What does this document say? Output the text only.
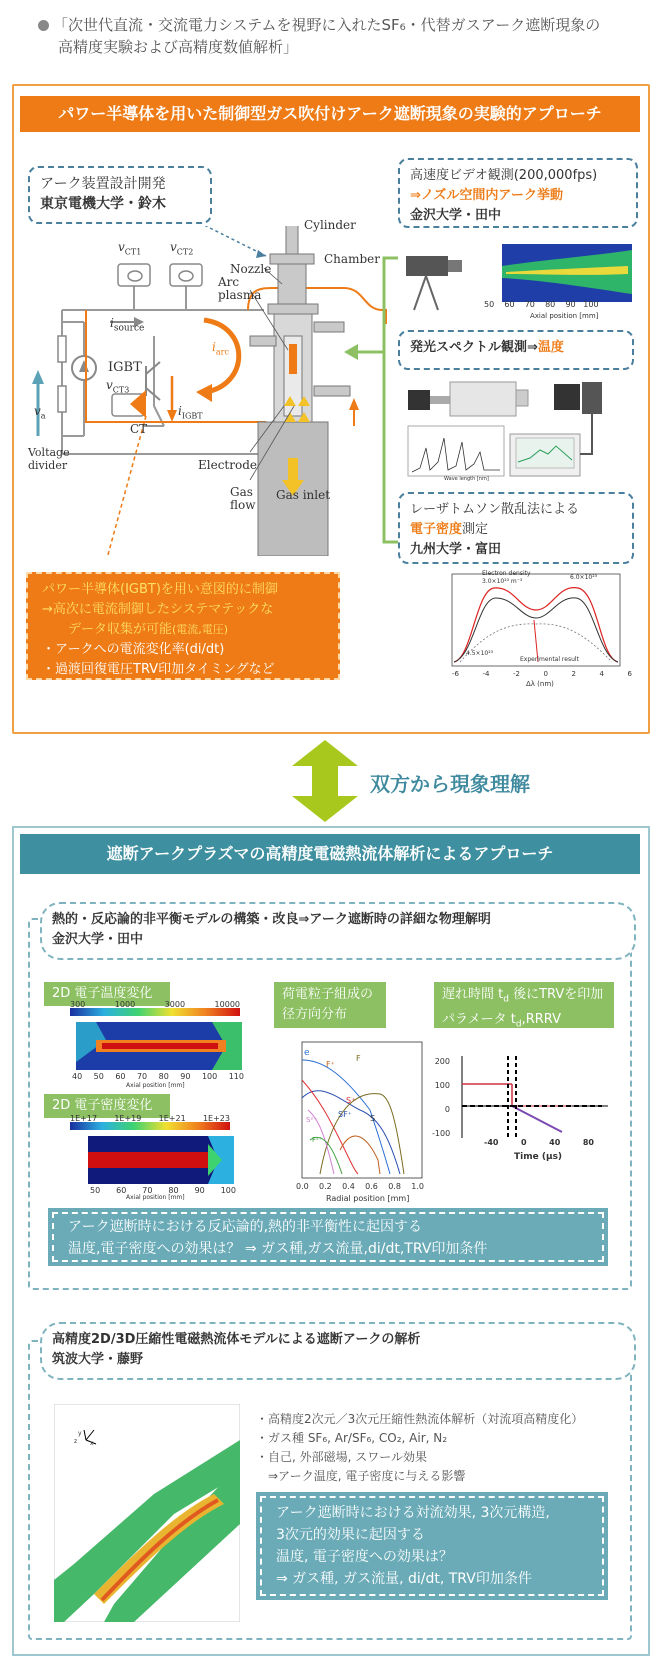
「次世代直流・交流電力システムを視野に入れたSF₆・代替ガスアーク遮断現象の
高精度実験および高精度数値解析」
パワー半導体を用いた制御型ガス吹付けアーク遮断現象の実験的アプローチ
アーク装置設計開発
東京電機大学・鈴木
$v_{CT1}$ $v_{CT2}$
$i_{source}$
IGBT
$v_{CT3}$
CT
$v_a$
Voltage
divider
$i_{arc}$
$i_{IGBT}$
Cylinder
Chamber
Nozzle
Arc
plasma
Electrode
Gas
flow
Gas inlet
高速度ビデオ観測(200,000fps)
⇒ノズル空間内アーク挙動
金沢大学・田中
50 60 70 80 90 100
Axial position [mm]
発光スペクトル観測⇒温度
Wave length [nm]
レーザトムソン散乱法による
電子密度測定
九州大学・富田
Electron density
3.0×10²³ m⁻³
6.0×10²³
4.5×10²³
Experimental result
-6	-4	-2	0	2	4	6
Δλ (nm)
パワー半導体(IGBT)を用い意図的に制御
→高次に電流制御したシステマテックな
データ収集が可能(電流,電圧)
・アークへの電流変化率(di/dt)
・過渡回復電圧TRV印加タイミングなど
双方から現象理解
遮断アークプラズマの高精度電磁熱流体解析によるアプローチ
熱的・反応論的非平衡モデルの構築・改良⇒アーク遮断時の詳細な物理解明
金沢大学・田中
2D 電子温度変化
2D 電子密度変化
荷電粒子組成の
径方向分布
遅れ時間 $t_d$ 後にTRVを印加
パラメータ $t_d,RRRV$
300	1000	3000	10000
40 50 60 70 80 90 100 110
Axial position [mm]
1E+17 1E+19 1E+21 1E+23
50 60 70 80 90 100
Axial position [mm]
e
F⁺
F
S⁺
SF⁺ S
S²⁺
F²⁺
0.0 0.2 0.4 0.6 0.8 1.0
Radial position [mm]
200
100
0
-100
-40	0	40	80
Time (μs)
アーク遮断時における反応論的,熱的非平衡性に起因する
温度,電子密度への効果は？ ⇒ ガス種,ガス流量,di/dt,TRV印加条件
高精度2D/3D圧縮性電磁熱流体モデルによる遮断アークの解析
筑波大学・藤野
y
z x
・高精度2次元／3次元圧縮性熱流体解析（対流項高精度化）
・ガス種 SF₆, Ar/SF₆, CO₂, Air, N₂
・自己, 外部磁場, スワール効果
　⇒アーク温度, 電子密度に与える影響
アーク遮断時における対流効果, 3次元構造,
3次元的効果に起因する
温度, 電子密度への効果は？
⇒ ガス種, ガス流量, di/dt, TRV印加条件
